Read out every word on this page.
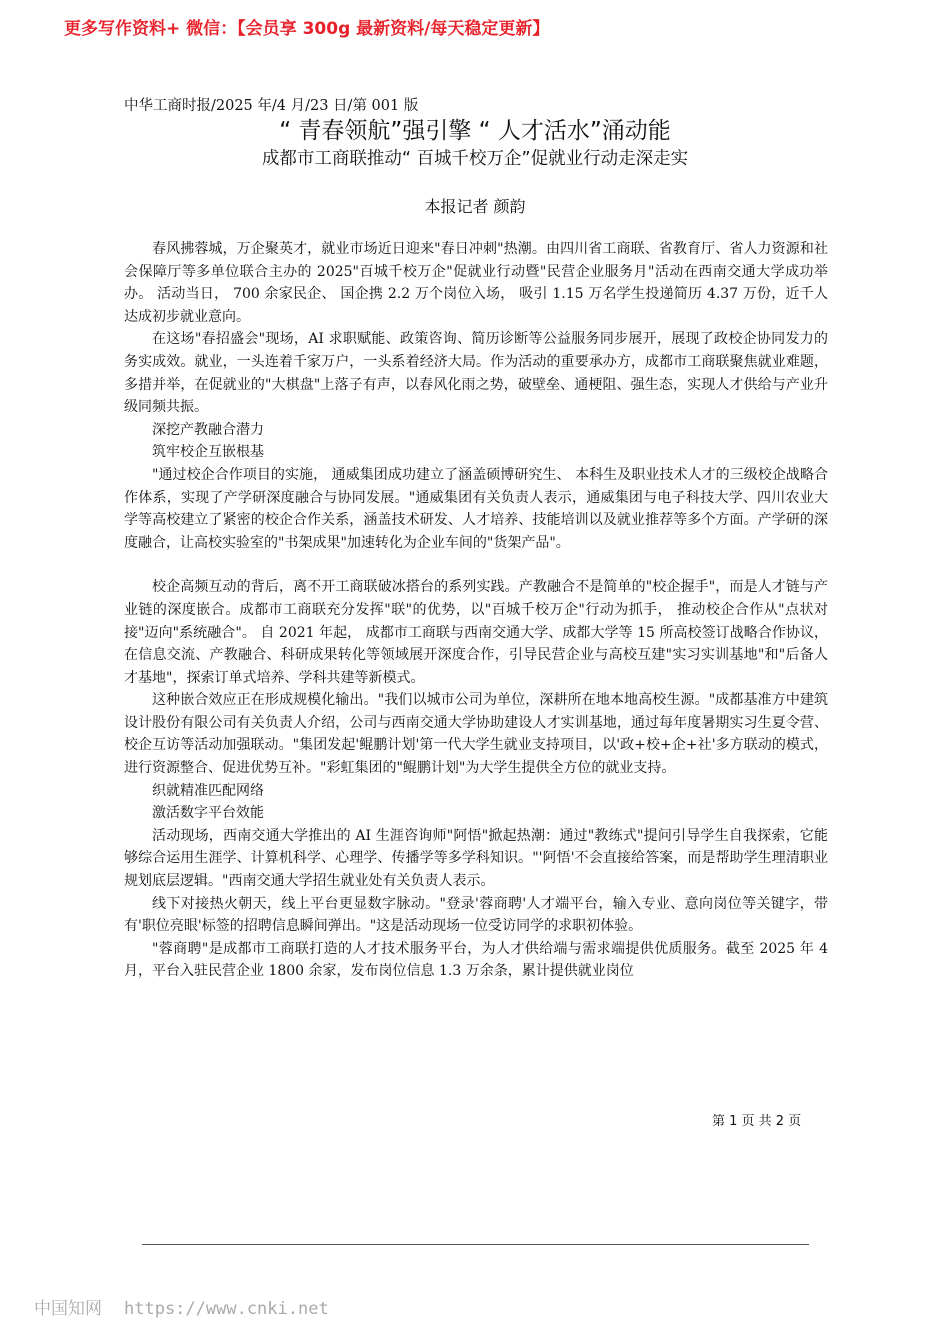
更多写作资料+ 微信：【会员享 300g 最新资料/每天稳定更新】
中华工商时报/2025 年/4 月/23 日/第 001 版
“ 青春领航”强引擎 “ 人才活水”涌动能
成都市工商联推动“ 百城千校万企”促就业行动走深走实
本报记者 颜韵

春风拂蓉城，万企聚英才，就业市场近日迎来"春日冲刺"热潮。由四川省工商联、省教育厅、省人力资源和社会保障厅等多单位联合主办的 2025"百城千校万企"促就业行动暨"民营企业服务月"活动在西南交通大学成功举办。 活动当日， 700 余家民企、 国企携 2.2 万个岗位入场， 吸引 1.15 万名学生投递简历 4.37 万份，近千人达成初步就业意向。

在这场"春招盛会"现场，AI 求职赋能、政策咨询、简历诊断等公益服务同步展开，展现了政校企协同发力的务实成效。就业，一头连着千家万户，一头系着经济大局。作为活动的重要承办方，成都市工商联聚焦就业难题，多措并举，在促就业的"大棋盘"上落子有声，以春风化雨之势，破壁垒、通梗阻、强生态，实现人才供给与产业升级同频共振。

深挖产教融合潜力

筑牢校企互嵌根基

"通过校企合作项目的实施， 通威集团成功建立了涵盖硕博研究生、 本科生及职业技术人才的三级校企战略合作体系，实现了产学研深度融合与协同发展。"通威集团有关负责人表示，通威集团与电子科技大学、四川农业大学等高校建立了紧密的校企合作关系，涵盖技术研发、人才培养、技能培训以及就业推荐等多个方面。产学研的深度融合，让高校实验室的"书架成果"加速转化为企业车间的"货架产品"。

校企高频互动的背后，离不开工商联破冰搭台的系列实践。产教融合不是简单的"校企握手"，而是人才链与产业链的深度嵌合。成都市工商联充分发挥"联"的优势，以"百城千校万企"行动为抓手， 推动校企合作从"点状对接"迈向"系统融合"。 自 2021 年起， 成都市工商联与西南交通大学、成都大学等 15 所高校签订战略合作协议，在信息交流、产教融合、科研成果转化等领域展开深度合作，引导民营企业与高校互建"实习实训基地"和"后备人才基地"，探索订单式培养、学科共建等新模式。

这种嵌合效应正在形成规模化输出。"我们以城市公司为单位，深耕所在地本地高校生源。"成都基准方中建筑设计股份有限公司有关负责人介绍，公司与西南交通大学协助建设人才实训基地，通过每年度暑期实习生夏令营、校企互访等活动加强联动。"集团发起'鲲鹏计划'第一代大学生就业支持项目，以'政+校+企+社'多方联动的模式，进行资源整合、促进优势互补。"彩虹集团的"鲲鹏计划"为大学生提供全方位的就业支持。

织就精准匹配网络

激活数字平台效能

活动现场，西南交通大学推出的 AI 生涯咨询师"阿悟"掀起热潮：通过"教练式"提问引导学生自我探索，它能够综合运用生涯学、计算机科学、心理学、传播学等多学科知识。"'阿悟'不会直接给答案，而是帮助学生理清职业规划底层逻辑。"西南交通大学招生就业处有关负责人表示。

线下对接热火朝天，线上平台更显数字脉动。"登录'蓉商聘'人才端平台，输入专业、意向岗位等关键字，带有'职位亮眼'标签的招聘信息瞬间弹出。"这是活动现场一位受访同学的求职初体验。

"蓉商聘"是成都市工商联打造的人才技术服务平台，为人才供给端与需求端提供优质服务。截至 2025 年 4 月，平台入驻民营企业 1800 余家，发布岗位信息 1.3 万余条，累计提供就业岗位

第 1 页 共 2 页
中国知网 https://www.cnki.net
